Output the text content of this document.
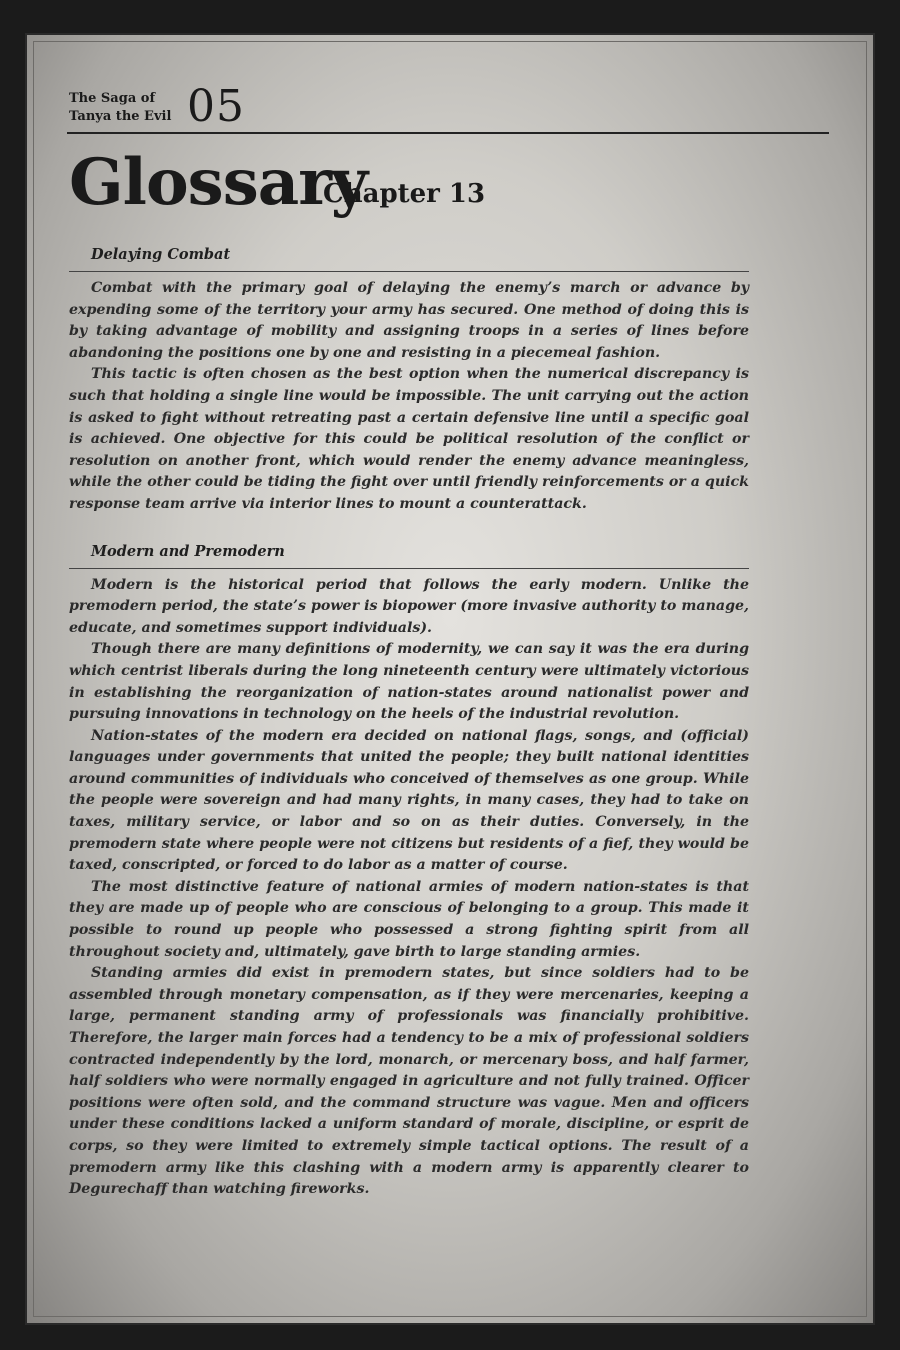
The Saga of
Tanya the Evil 05
Glossary
Chapter 13

Delaying Combat

Combat with the primary goal of delaying the enemy’s march or advance by expending some of the territory your army has secured. One method of doing this is by taking advantage of mobility and assigning troops in a series of lines before abandoning the positions one by one and resisting in a piecemeal fashion.

This tactic is often chosen as the best option when the numerical discrepancy is such that holding a single line would be impossible. The unit carrying out the action is asked to fight without retreating past a certain defensive line until a specific goal is achieved. One objective for this could be political resolution of the conflict or resolution on another front, which would render the enemy advance meaningless, while the other could be tiding the fight over until friendly reinforcements or a quick response team arrive via interior lines to mount a counterattack.

Modern and Premodern

Modern is the historical period that follows the early modern. Unlike the premodern period, the state’s power is biopower (more invasive authority to manage, educate, and sometimes support individuals).

Though there are many definitions of modernity, we can say it was the era during which centrist liberals during the long nineteenth century were ultimately victorious in establishing the reorganization of nation-states around nationalist power and pursuing innovations in technology on the heels of the industrial revolution.

Nation-states of the modern era decided on national flags, songs, and (official) languages under governments that united the people; they built national identities around communities of individuals who conceived of themselves as one group. While the people were sovereign and had many rights, in many cases, they had to take on taxes, military service, or labor and so on as their duties. Conversely, in the premodern state where people were not citizens but residents of a fief, they would be taxed, conscripted, or forced to do labor as a matter of course.

The most distinctive feature of national armies of modern nation-states is that they are made up of people who are conscious of belonging to a group. This made it possible to round up people who possessed a strong fighting spirit from all throughout society and, ultimately, gave birth to large standing armies.

Standing armies did exist in premodern states, but since soldiers had to be assembled through monetary compensation, as if they were mercenaries, keeping a large, permanent standing army of professionals was financially prohibitive. Therefore, the larger main forces had a tendency to be a mix of professional soldiers contracted independently by the lord, monarch, or mercenary boss, and half farmer, half soldiers who were normally engaged in agriculture and not fully trained. Officer positions were often sold, and the command structure was vague. Men and officers under these conditions lacked a uniform standard of morale, discipline, or esprit de corps, so they were limited to extremely simple tactical options. The result of a premodern army like this clashing with a modern army is apparently clearer to Degurechaff than watching fireworks.
